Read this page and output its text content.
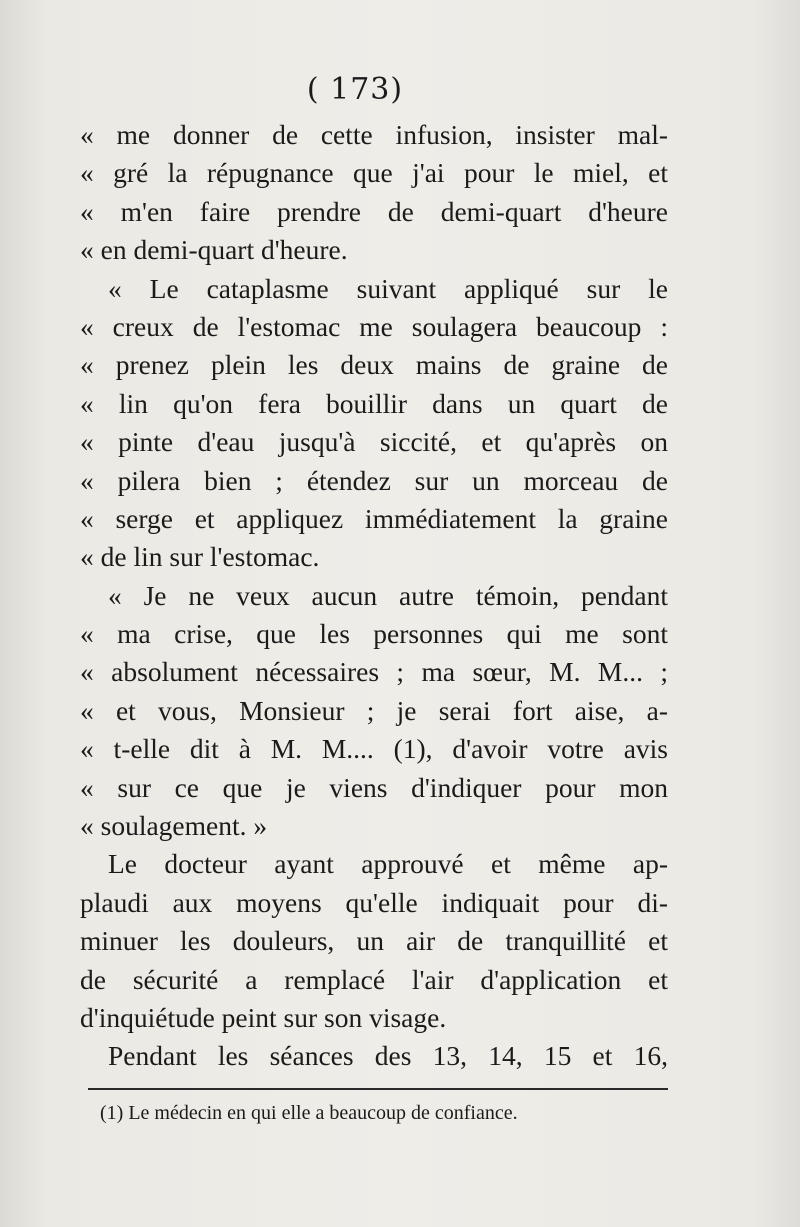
( 173)
« me donner de cette infusion, insister mal-
« gré la répugnance que j'ai pour le miel, et
« m'en faire prendre de demi-quart d'heure
« en demi-quart d'heure.
« Le cataplasme suivant appliqué sur le
« creux de l'estomac me soulagera beaucoup :
« prenez plein les deux mains de graine de
« lin qu'on fera bouillir dans un quart de
« pinte d'eau jusqu'à siccité, et qu'après on
« pilera bien ; étendez sur un morceau de
« serge et appliquez immédiatement la graine
« de lin sur l'estomac.
« Je ne veux aucun autre témoin, pendant
« ma crise, que les personnes qui me sont
« absolument nécessaires ; ma sœur, M. M... ;
« et vous, Monsieur ; je serai fort aise, a-
« t-elle dit à M. M.... (1), d'avoir votre avis
« sur ce que je viens d'indiquer pour mon
« soulagement. »
Le docteur ayant approuvé et même ap-
plaudi aux moyens qu'elle indiquait pour di-
minuer les douleurs, un air de tranquillité et
de sécurité a remplacé l'air d'application et
d'inquiétude peint sur son visage.
Pendant les séances des 13, 14, 15 et 16,
(1) Le médecin en qui elle a beaucoup de confiance.
